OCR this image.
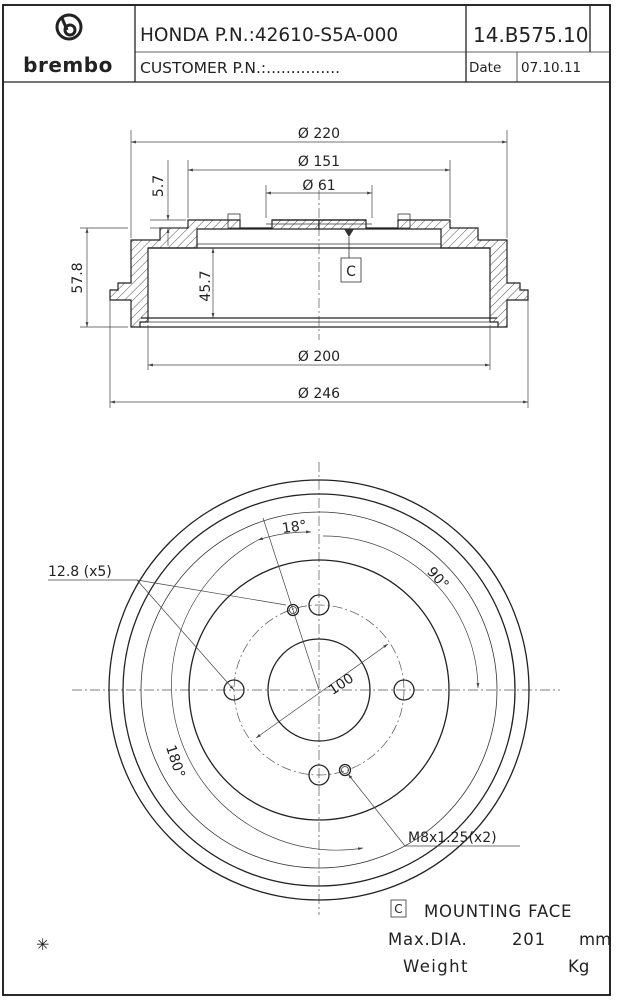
brembo
HONDA P.N.:42610-S5A-000
CUSTOMER P.N.:...............
14.B575.10
Date 07.10.11
C
Ø 220
Ø 151
Ø 61
Ø 200
Ø 246
57.8	45.7
5.7
18°
90°
180°
100
12.8 (x5)
M8x1.25(x2)
C MOUNTING FACE
Max.DIA.	201 mm
Weight	Kg
✳
